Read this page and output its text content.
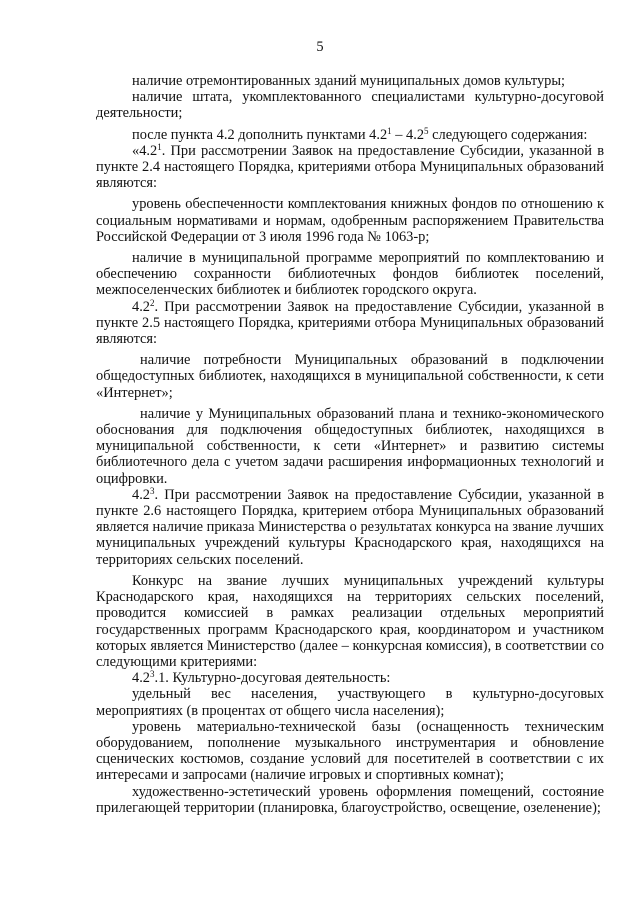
5

наличие отремонтированных зданий муниципальных домов культуры;

наличие штата, укомплектованного специалистами культурно-досуговой деятельности;

после пункта 4.2 дополнить пунктами $4.2^1 - 4.2^5$ следующего содержания:

«$4.2^1$. При рассмотрении Заявок на предоставление Субсидии, указанной в пункте 2.4 настоящего Порядка, критериями отбора Муниципальных образований являются:

уровень обеспеченности комплектования книжных фондов по отношению к социальным нормативами и нормам, одобренным распоряжением Правительства Российской Федерации от 3 июля 1996 года № 1063-р;

наличие в муниципальной программе мероприятий по комплектованию и обеспечению сохранности библиотечных фондов библиотек поселений, межпоселенческих библиотек и библиотек городского округа.

$4.2^2$. При рассмотрении Заявок на предоставление Субсидии, указанной в пункте 2.5 настоящего Порядка, критериями отбора Муниципальных образований являются:

наличие потребности Муниципальных образований в подключении общедоступных библиотек, находящихся в муниципальной собственности, к сети «Интернет»;

наличие у Муниципальных образований плана и технико-экономического обоснования для подключения общедоступных библиотек, находящихся в муниципальной собственности, к сети «Интернет» и развитию системы библиотечного дела с учетом задачи расширения информационных технологий и оцифровки.

$4.2^3$. При рассмотрении Заявок на предоставление Субсидии, указанной в пункте 2.6 настоящего Порядка, критерием отбора Муниципальных образований является наличие приказа Министерства о результатах конкурса на звание лучших муниципальных учреждений культуры Краснодарского края, находящихся на территориях сельских поселений.

Конкурс на звание лучших муниципальных учреждений культуры Краснодарского края, находящихся на территориях сельских поселений, проводится комиссией в рамках реализации отдельных мероприятий государственных программ Краснодарского края, координатором и участником которых является Министерство (далее – конкурсная комиссия), в соответствии со следующими критериями:

$4.2^3.1$. Культурно-досуговая деятельность:

удельный вес населения, участвующего в культурно-досуговых мероприятиях (в процентах от общего числа населения);

уровень материально-технической базы (оснащенность техническим оборудованием, пополнение музыкального инструментария и обновление сценических костюмов, создание условий для посетителей в соответствии с их интересами и запросами (наличие игровых и спортивных комнат);

художественно-эстетический уровень оформления помещений, состояние прилегающей территории (планировка, благоустройство, освещение, озеленение);
